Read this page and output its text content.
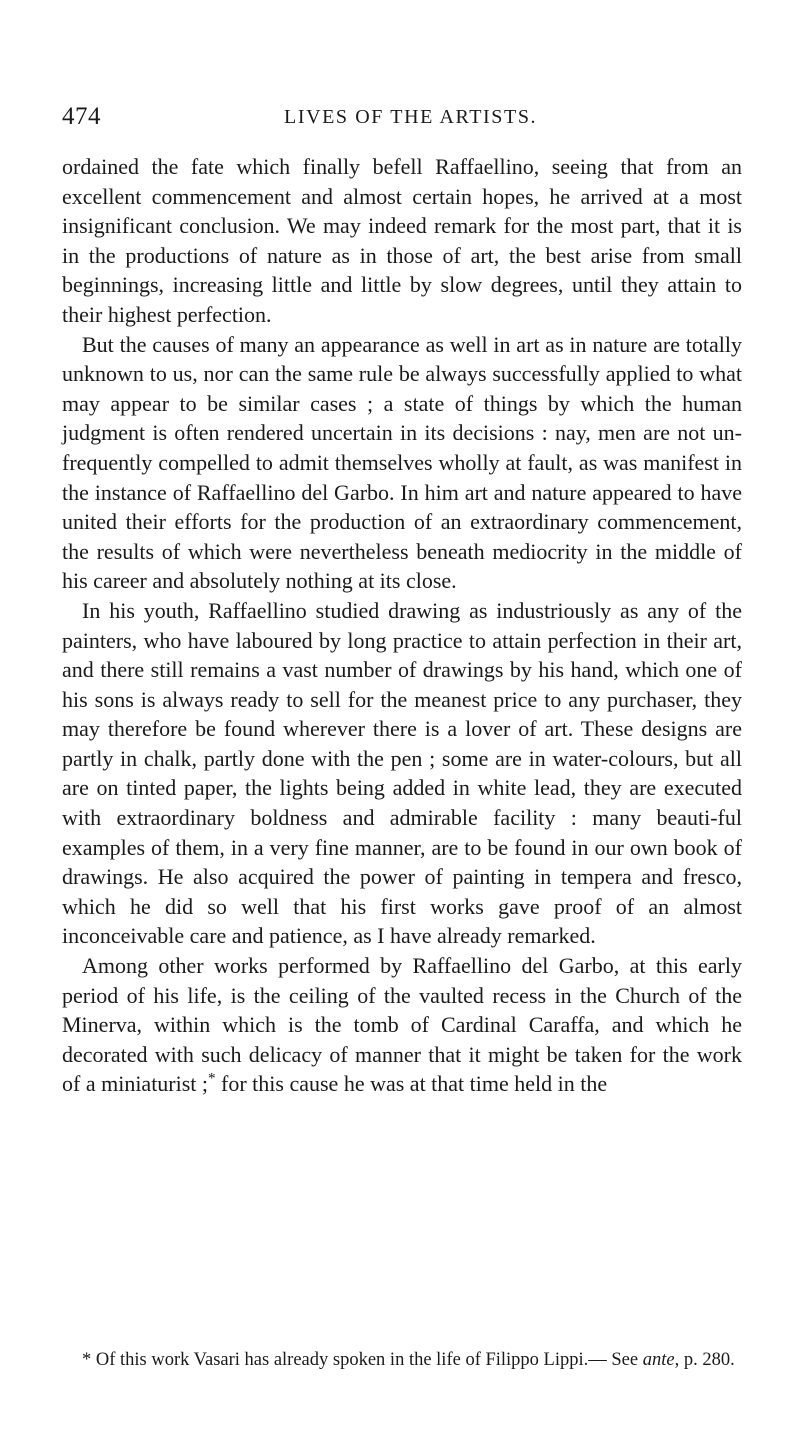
474	LIVES OF THE ARTISTS.

ordained the fate which finally befell Raffaellino, seeing that from an excellent commencement and almost certain hopes, he arrived at a most insignificant conclusion. We may indeed remark for the most part, that it is in the productions of nature as in those of art, the best arise from small beginnings, increasing little and little by slow degrees, until they attain to their highest perfection.

But the causes of many an appearance as well in art as in nature are totally unknown to us, nor can the same rule be always successfully applied to what may appear to be similar cases ; a state of things by which the human judgment is often rendered uncertain in its decisions : nay, men are not un-frequently compelled to admit themselves wholly at fault, as was manifest in the instance of Raffaellino del Garbo. In him art and nature appeared to have united their efforts for the production of an extraordinary commencement, the results of which were nevertheless beneath mediocrity in the middle of his career and absolutely nothing at its close.

In his youth, Raffaellino studied drawing as industriously as any of the painters, who have laboured by long practice to attain perfection in their art, and there still remains a vast number of drawings by his hand, which one of his sons is always ready to sell for the meanest price to any purchaser, they may therefore be found wherever there is a lover of art. These designs are partly in chalk, partly done with the pen ; some are in water-colours, but all are on tinted paper, the lights being added in white lead, they are executed with extraordinary boldness and admirable facility : many beauti-ful examples of them, in a very fine manner, are to be found in our own book of drawings. He also acquired the power of painting in tempera and fresco, which he did so well that his first works gave proof of an almost inconceivable care and patience, as I have already remarked.

Among other works performed by Raffaellino del Garbo, at this early period of his life, is the ceiling of the vaulted recess in the Church of the Minerva, within which is the tomb of Cardinal Caraffa, and which he decorated with such delicacy of manner that it might be taken for the work of a miniaturist ;* for this cause he was at that time held in the

* Of this work Vasari has already spoken in the life of Filippo Lippi.— See ante, p. 280.
